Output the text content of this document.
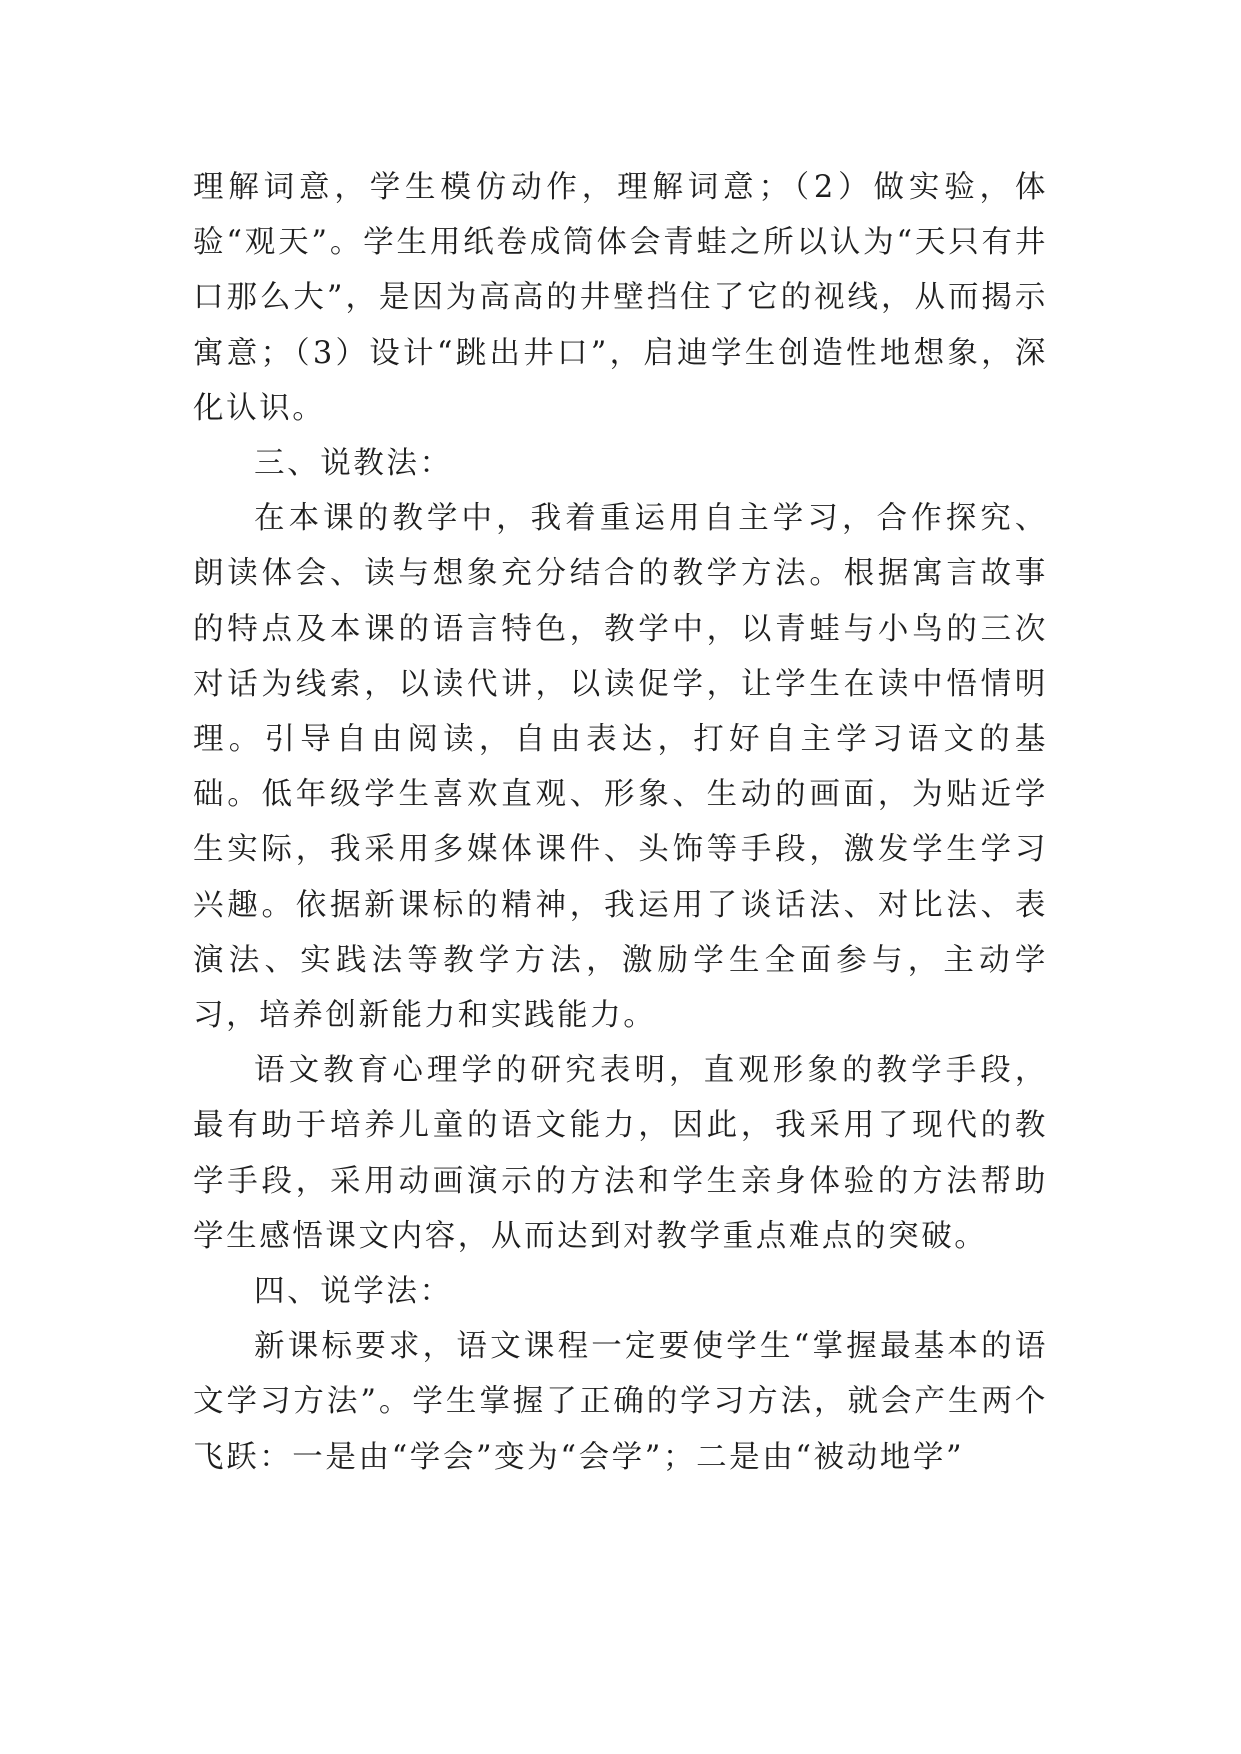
理解词意，学生模仿动作，理解词意；（2）做实验，体验“观天”。学生用纸卷成筒体会青蛙之所以认为“天只有井口那么大”，是因为高高的井壁挡住了它的视线，从而揭示寓意；（3）设计“跳出井口”，启迪学生创造性地想象，深化认识。

三、说教法：

在本课的教学中，我着重运用自主学习，合作探究、朗读体会、读与想象充分结合的教学方法。根据寓言故事的特点及本课的语言特色，教学中，以青蛙与小鸟的三次对话为线索，以读代讲，以读促学，让学生在读中悟情明理。引导自由阅读，自由表达，打好自主学习语文的基础。低年级学生喜欢直观、形象、生动的画面，为贴近学生实际，我采用多媒体课件、头饰等手段，激发学生学习兴趣。依据新课标的精神，我运用了谈话法、对比法、表演法、实践法等教学方法，激励学生全面参与，主动学习，培养创新能力和实践能力。

语文教育心理学的研究表明，直观形象的教学手段，最有助于培养儿童的语文能力，因此，我采用了现代的教学手段，采用动画演示的方法和学生亲身体验的方法帮助学生感悟课文内容，从而达到对教学重点难点的突破。

四、说学法：

新课标要求，语文课程一定要使学生“掌握最基本的语文学习方法”。学生掌握了正确的学习方法，就会产生两个飞跃：一是由“学会”变为“会学”；二是由“被动地学”
